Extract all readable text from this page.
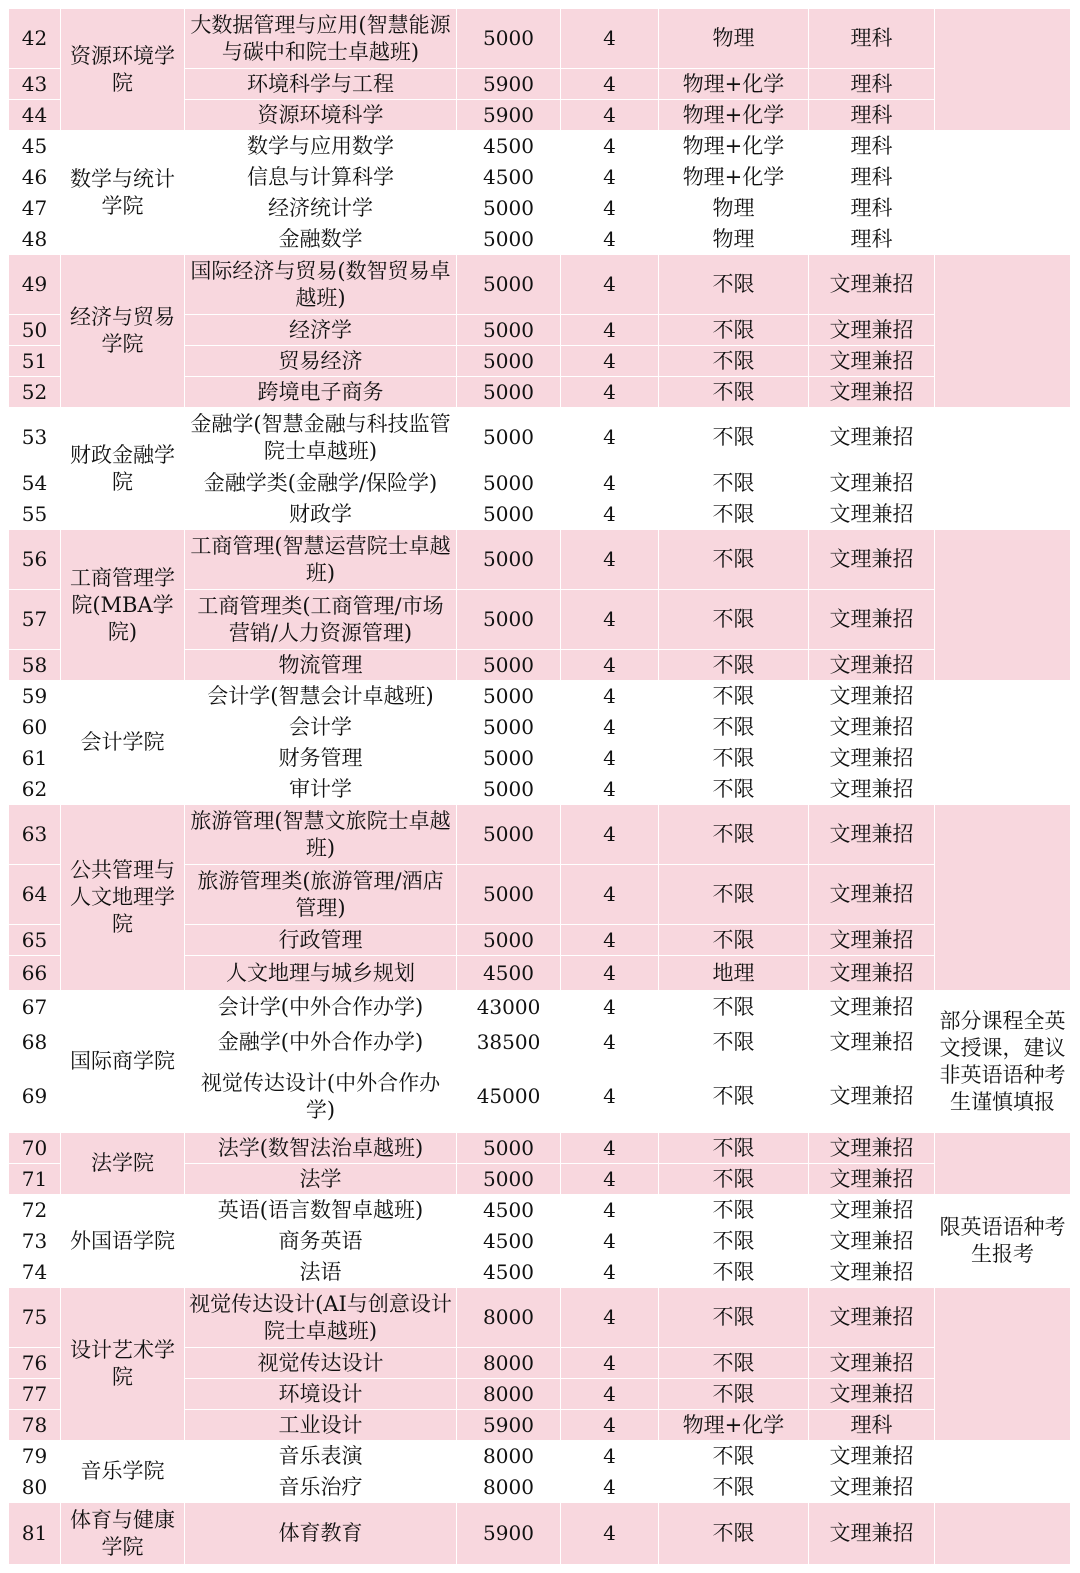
42	资源环境学院	大数据管理与应用(智慧能源与碳中和院士卓越班)	5000	4	物理	理科	
43		环境科学与工程	5900	4	物理+化学	理科	
44		资源环境科学	5900	4	物理+化学	理科	
45	数学与统计学院	数学与应用数学	4500	4	物理+化学	理科	
46		信息与计算科学	4500	4	物理+化学	理科	
47		经济统计学	5000	4	物理	理科	
48		金融数学	5000	4	物理	理科	
49	经济与贸易学院	国际经济与贸易(数智贸易卓越班)	5000	4	不限	文理兼招	
50		经济学	5000	4	不限	文理兼招	
51		贸易经济	5000	4	不限	文理兼招	
52		跨境电子商务	5000	4	不限	文理兼招	
53	财政金融学院	金融学(智慧金融与科技监管院士卓越班)	5000	4	不限	文理兼招	
54		金融学类(金融学/保险学)	5000	4	不限	文理兼招	
55		财政学	5000	4	不限	文理兼招	
56	工商管理学院(MBA学院)	工商管理(智慧运营院士卓越班)	5000	4	不限	文理兼招	
57		工商管理类(工商管理/市场营销/人力资源管理)	5000	4	不限	文理兼招	
58		物流管理	5000	4	不限	文理兼招	
59	会计学院	会计学(智慧会计卓越班)	5000	4	不限	文理兼招	
60		会计学	5000	4	不限	文理兼招	
61		财务管理	5000	4	不限	文理兼招	
62		审计学	5000	4	不限	文理兼招	
63	公共管理与人文地理学院	旅游管理(智慧文旅院士卓越班)	5000	4	不限	文理兼招	
64		旅游管理类(旅游管理/酒店管理)	5000	4	不限	文理兼招	
65		行政管理	5000	4	不限	文理兼招	
66		人文地理与城乡规划	4500	4	地理	文理兼招	
67	国际商学院	会计学(中外合作办学)	43000	4	不限	文理兼招	部分课程全英文授课，建议非英语语种考生谨慎填报
68		金融学(中外合作办学)	38500	4	不限	文理兼招	
69		视觉传达设计(中外合作办学)	45000	4	不限	文理兼招	
70	法学院	法学(数智法治卓越班)	5000	4	不限	文理兼招	
71		法学	5000	4	不限	文理兼招	
72	外国语学院	英语(语言数智卓越班)	4500	4	不限	文理兼招	限英语语种考生报考
73		商务英语	4500	4	不限	文理兼招	
74		法语	4500	4	不限	文理兼招	
75	设计艺术学院	视觉传达设计(AI与创意设计院士卓越班)	8000	4	不限	文理兼招	
76		视觉传达设计	8000	4	不限	文理兼招	
77		环境设计	8000	4	不限	文理兼招	
78		工业设计	5900	4	物理+化学	理科	
79	音乐学院	音乐表演	8000	4	不限	文理兼招	
80		音乐治疗	8000	4	不限	文理兼招	
81	体育与健康学院	体育教育	5900	4	不限	文理兼招	
